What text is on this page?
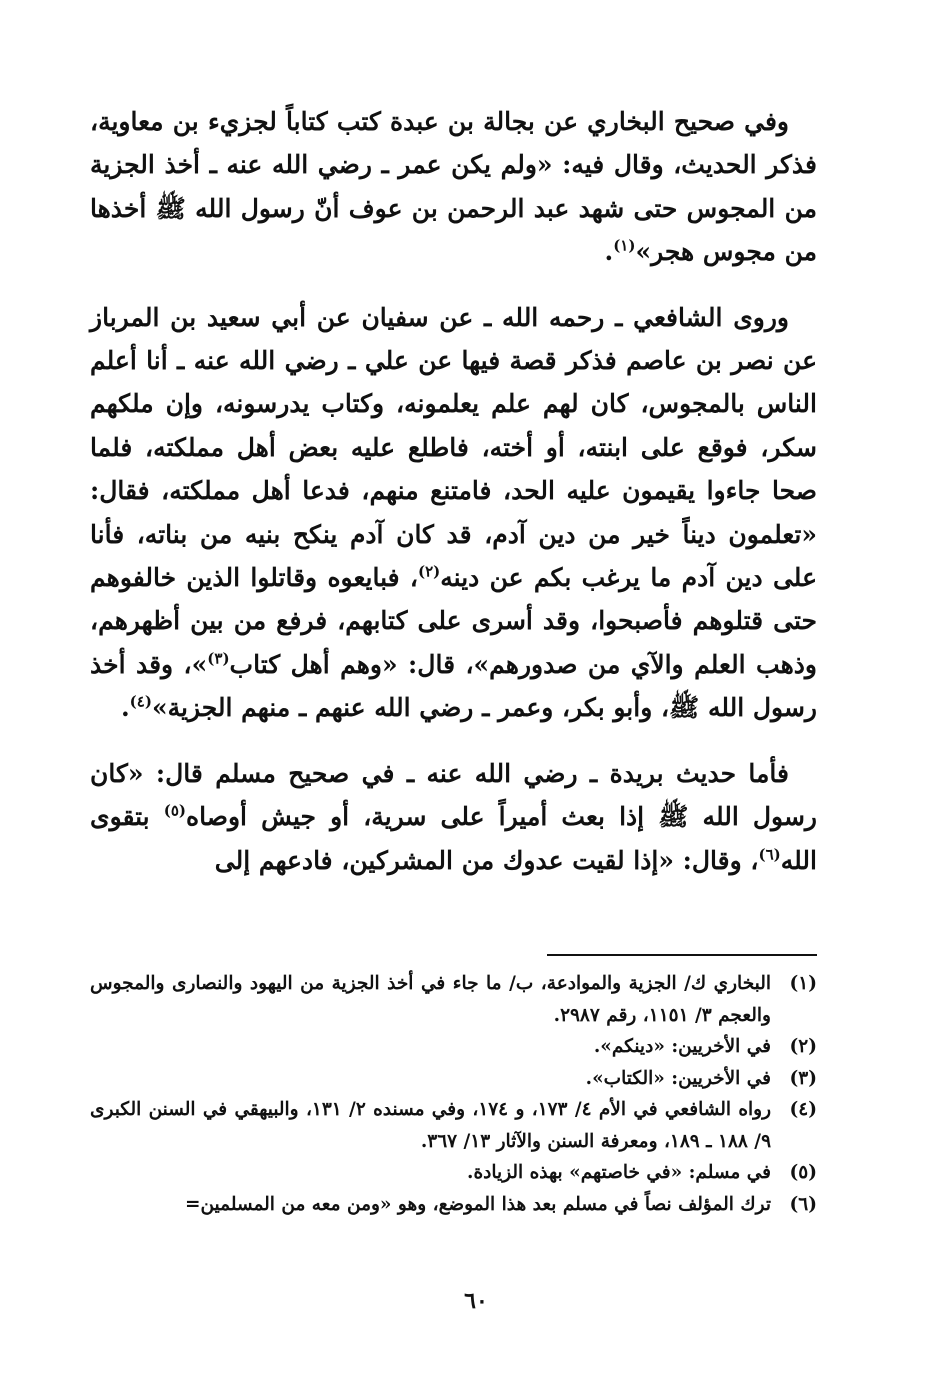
وفي صحيح البخاري عن بجالة بن عبدة كتب كتاباً لجزيء بن معاوية، فذكر الحديث، وقال فيه: «ولم يكن عمر ـ رضي الله عنه ـ أخذ الجزية من المجوس حتى شهد عبد الرحمن بن عوف أنّ رسول الله ﷺ أخذها من مجوس هجر»$^{(١)}$.

وروى الشافعي ـ رحمه الله ـ عن سفيان عن أبي سعيد بن المرباز عن نصر بن عاصم فذكر قصة فيها عن علي ـ رضي الله عنه ـ أنا أعلم الناس بالمجوس، كان لهم علم يعلمونه، وكتاب يدرسونه، وإن ملكهم سكر، فوقع على ابنته، أو أخته، فاطلع عليه بعض أهل مملكته، فلما صحا جاءوا يقيمون عليه الحد، فامتنع منهم، فدعا أهل مملكته، فقال: «تعلمون ديناً خير من دين آدم، قد كان آدم ينكح بنيه من بناته، فأنا على دين آدم ما يرغب بكم عن دينه$^{(٢)}$، فبايعوه وقاتلوا الذين خالفوهم حتى قتلوهم فأصبحوا، وقد أسرى على كتابهم، فرفع من بين أظهرهم، وذهب العلم والآي من صدورهم»، قال: «وهم أهل كتاب$^{(٣)}$»، وقد أخذ رسول الله ﷺ، وأبو بكر، وعمر ـ رضي الله عنهم ـ منهم الجزية»$^{(٤)}$.

فأما حديث بريدة ـ رضي الله عنه ـ في صحيح مسلم قال: «كان رسول الله ﷺ إذا بعث أميراً على سرية، أو جيش أوصاه$^{(٥)}$ بتقوى الله$^{(٦)}$، وقال: «إذا لقيت عدوك من المشركين، فادعهم إلى

(١)
البخاري ك/ الجزية والموادعة، ب/ ما جاء في أخذ الجزية من اليهود والنصارى والمجوس والعجم ٣/ ١١٥١، رقم ٢٩٨٧.
(٢)
في الأخريين: «دينكم».
(٣)
في الأخريين: «الكتاب».
(٤)
رواه الشافعي في الأم ٤/ ١٧٣، و ١٧٤، وفي مسنده ٢/ ١٣١، والبيهقي في السنن الكبرى ٩/ ١٨٨ ـ ١٨٩، ومعرفة السنن والآثار ١٣/ ٣٦٧.
(٥)
في مسلم: «في خاصتهم» بهذه الزيادة.
(٦)
ترك المؤلف نصاً في مسلم بعد هذا الموضع، وهو «ومن معه من المسلمين=
٦٠
